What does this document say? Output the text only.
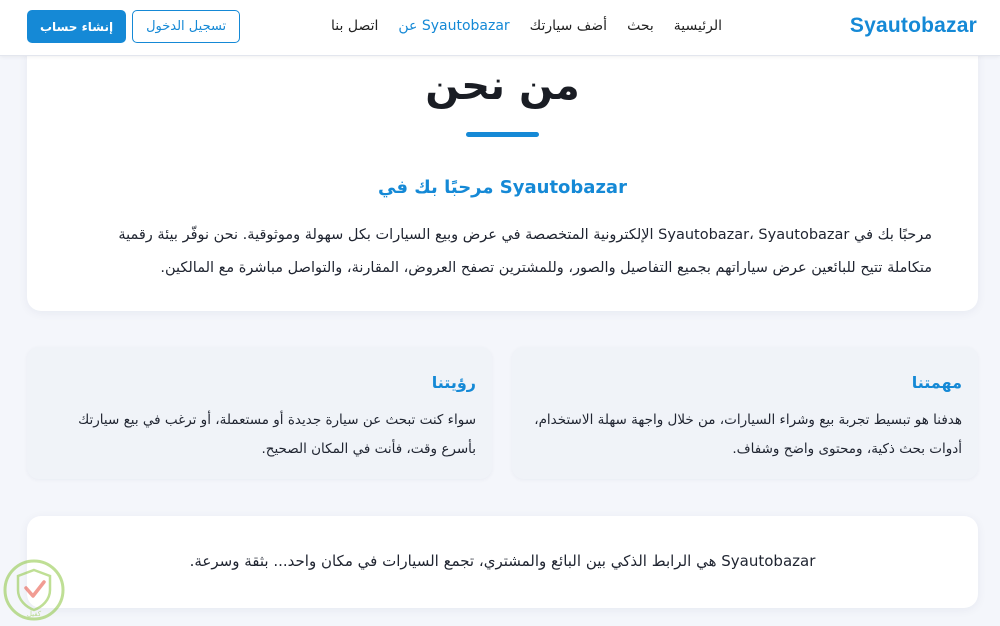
Syautobazar
الرئيسية
بحث
أضف سيارتك
عن Syautobazar
اتصل بنا
إنشاء حساب	تسجيل الدخول
من نحن
مرحبًا بك في Syautobazar

مرحبًا بك في Syautobazar، Syautobazar الإلكترونية المتخصصة في عرض وبيع السيارات بكل سهولة وموثوقية. نحن نوفّر بيئة رقمية متكاملة تتيح للبائعين عرض سياراتهم بجميع التفاصيل والصور، وللمشترين تصفح العروض، المقارنة، والتواصل مباشرة مع المالكين.

رؤيتنا

سواء كنت تبحث عن سيارة جديدة أو مستعملة، أو ترغب في بيع سيارتك بأسرع وقت، فأنت في المكان الصحيح.

مهمتنا

هدفنا هو تبسيط تجربة بيع وشراء السيارات، من خلال واجهة سهلة الاستخدام، أدوات بحث ذكية، ومحتوى واضح وشفاف.

Syautobazar هي الرابط الذكي بين البائع والمشتري، تجمع السيارات في مكان واحد... بثقة وسرعة.

كفيل
